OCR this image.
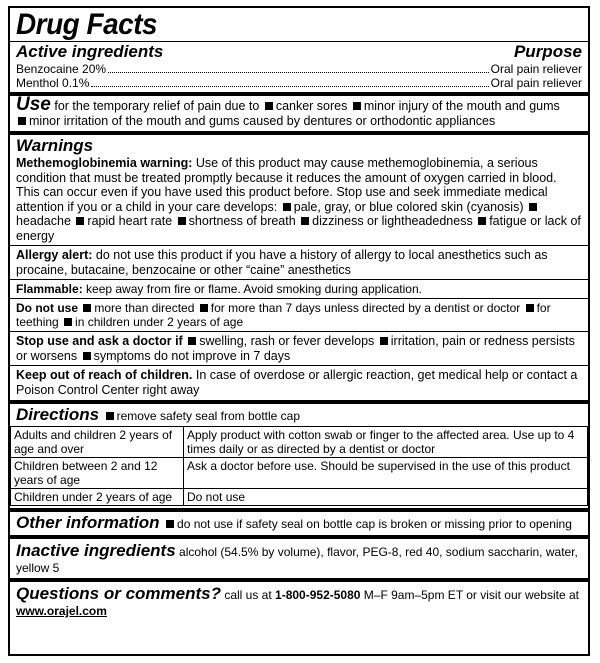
Drug Facts
Active ingredients	Purpose
Benzocaine 20%	Oral pain reliever
Menthol 0.1%	Oral pain reliever
Use for the temporary relief of pain due to canker sores minor injury of the mouth and gums
minor irritation of the mouth and gums caused by dentures or orthodontic appliances
Warnings
Methemoglobinemia warning: Use of this product may cause methemoglobinemia, a serious condition that must be treated promptly because it reduces the amount of oxygen carried in blood. This can occur even if you have used this product before. Stop use and seek immediate medical attention if you or a child in your care develops: pale, gray, or blue colored skin (cyanosis) headache rapid heart rate shortness of breath dizziness or lightheadedness fatigue or lack of energy
Allergy alert: do not use this product if you have a history of allergy to local anesthetics such as procaine, butacaine, benzocaine or other “caine” anesthetics
Flammable: keep away from fire or flame. Avoid smoking during application.
Do not use more than directed for more than 7 days unless directed by a dentist or doctor for teething in children under 2 years of age
Stop use and ask a doctor if swelling, rash or fever develops irritation, pain or redness persists or worsens symptoms do not improve in 7 days
Keep out of reach of children. In case of overdose or allergic reaction, get medical help or contact a Poison Control Center right away
Directions remove safety seal from bottle cap
Adults and children 2 years of age and over	Apply product with cotton swab or finger to the affected area. Use up to 4 times daily or as directed by a dentist or doctor
Children between 2 and 12 years of age	Ask a doctor before use. Should be supervised in the use of this product
Children under 2 years of age	Do not use
Other information do not use if safety seal on bottle cap is broken or missing prior to opening
Inactive ingredients alcohol (54.5% by volume), flavor, PEG-8, red 40, sodium saccharin, water, yellow 5
Questions or comments? call us at 1-800-952-5080 M–F 9am–5pm ET or visit our website at www.orajel.com
